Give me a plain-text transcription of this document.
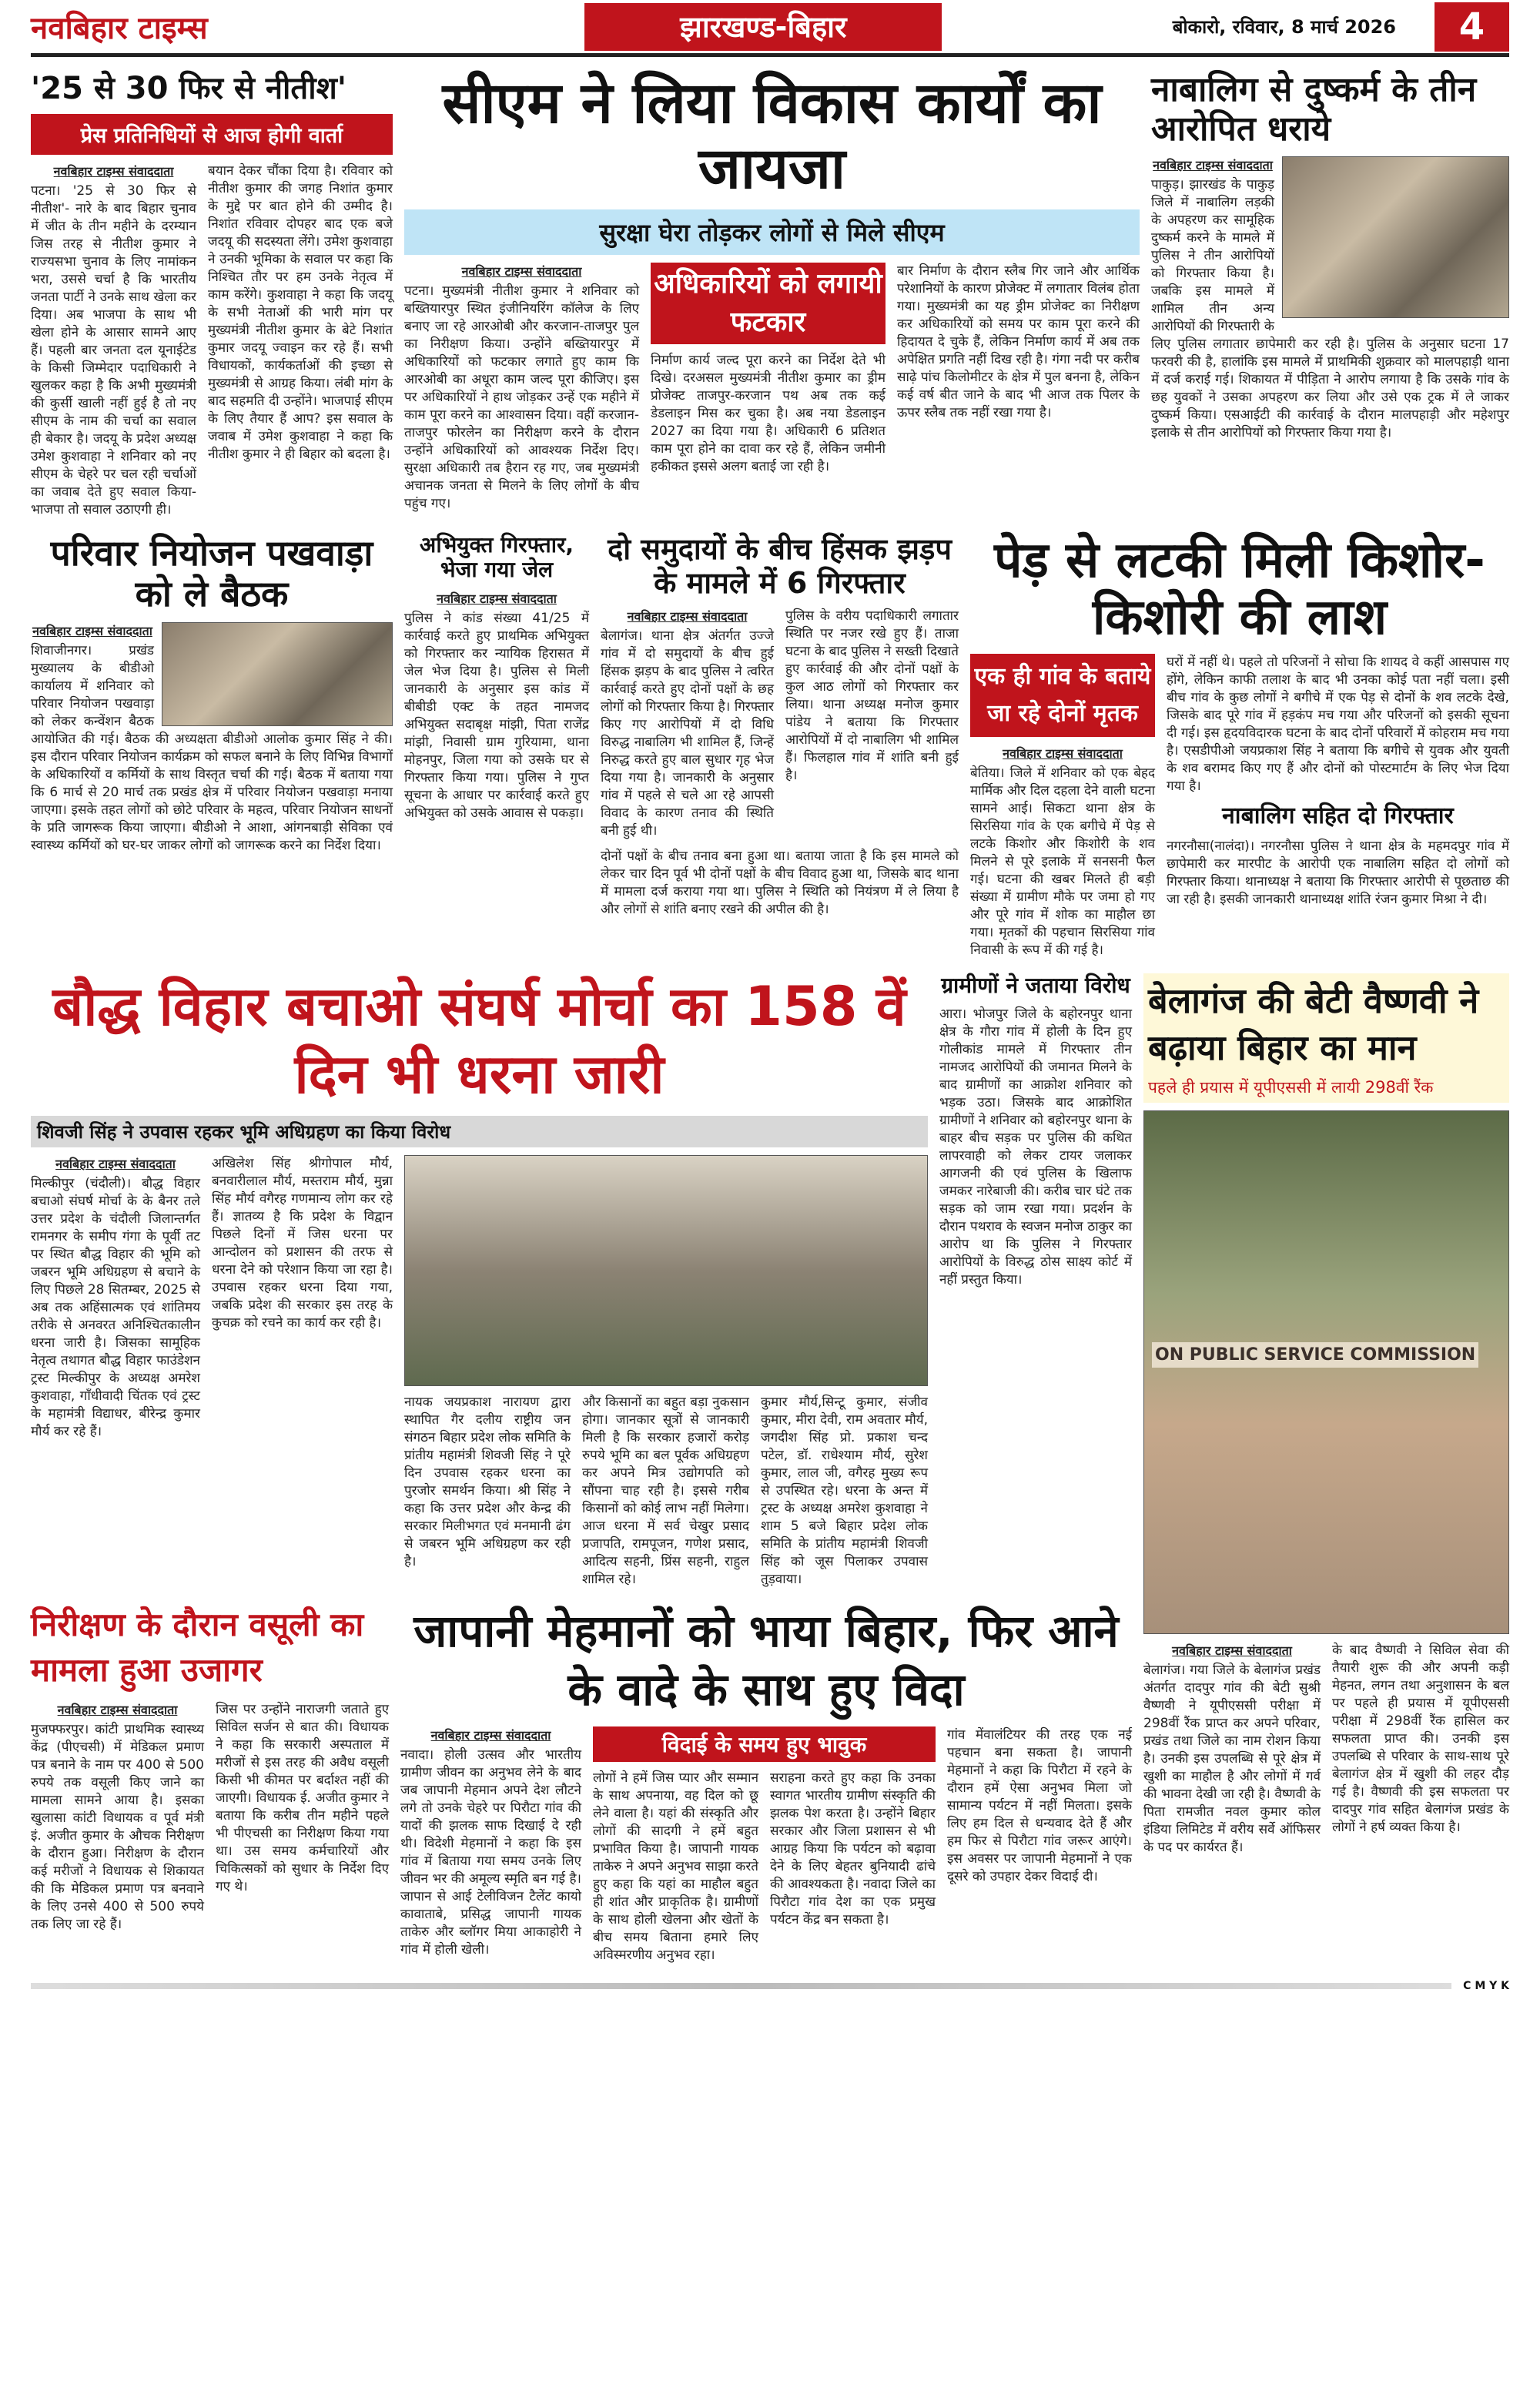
नवबिहार टाइम्स	झारखण्ड-बिहार	बोकारो, रविवार, 8 मार्च 2026	4
'25 से 30 फिर से नीतीश'
प्रेस प्रतिनिधियों से आज होगी वार्ता
नवबिहार टाइम्स संवाददाता
पटना। '25 से 30 फिर से नीतीश'- नारे के बाद बिहार चुनाव में जीत के तीन महीने के दरम्यान जिस तरह से नीतीश कुमार ने राज्यसभा चुनाव के लिए नामांकन भरा, उससे चर्चा है कि भारतीय जनता पार्टी ने उनके साथ खेला कर दिया। अब भाजपा के साथ भी खेला होने के आसार सामने आए हैं। पहली बार जनता दल यूनाईटेड के किसी जिम्मेदार पदाधिकारी ने खुलकर कहा है कि अभी मुख्यमंत्री की कुर्सी खाली नहीं हुई है तो नए सीएम के नाम की चर्चा का सवाल ही बेकार है। जदयू के प्रदेश अध्यक्ष उमेश कुशवाहा ने शनिवार को नए सीएम के चेहरे पर चल रही चर्चाओं का जवाब देते हुए सवाल किया- भाजपा तो सवाल उठाएगी ही।
बयान देकर चौंका दिया है। रविवार को नीतीश कुमार की जगह निशांत कुमार के मुद्दे पर बात होने की उम्मीद है। निशांत रविवार दोपहर बाद एक बजे जदयू की सदस्यता लेंगे। उमेश कुशवाहा ने उनकी भूमिका के सवाल पर कहा कि निश्चित तौर पर हम उनके नेतृत्व में काम करेंगे। कुशवाहा ने कहा कि जदयू के सभी नेताओं की भारी मांग पर मुख्यमंत्री नीतीश कुमार के बेटे निशांत कुमार जदयू ज्वाइन कर रहे हैं। सभी विधायकों, कार्यकर्ताओं की इच्छा से मुख्यमंत्री से आग्रह किया। लंबी मांग के बाद सहमति दी उन्होंने। भाजपाई सीएम के लिए तैयार हैं आप? इस सवाल के जवाब में उमेश कुशवाहा ने कहा कि नीतीश कुमार ने ही बिहार को बदला है।
सीएम ने लिया विकास कार्यों का जायजा
सुरक्षा घेरा तोड़कर लोगों से मिले सीएम
नवबिहार टाइम्स संवाददाता
पटना। मुख्यमंत्री नीतीश कुमार ने शनिवार को बख्तियारपुर स्थित इंजीनियरिंग कॉलेज के लिए बनाए जा रहे आरओबी और करजान-ताजपुर पुल का निरीक्षण किया। उन्होंने बख्तियारपुर में अधिकारियों को फटकार लगाते हुए काम कि आरओबी का अधूरा काम जल्द पूरा कीजिए। इस पर अधिकारियों ने हाथ जोड़कर उन्हें एक महीने में काम पूरा करने का आश्वासन दिया। वहीं करजान-ताजपुर फोरलेन का निरीक्षण करने के दौरान उन्होंने अधिकारियों को आवश्यक निर्देश दिए। सुरक्षा अधिकारी तब हैरान रह गए, जब मुख्यमंत्री अचानक जनता से मिलने के लिए लोगों के बीच पहुंच गए।
अधिकारियों को लगायी फटकार
निर्माण कार्य जल्द पूरा करने का निर्देश देते भी दिखे। दरअसल मुख्यमंत्री नीतीश कुमार का ड्रीम प्रोजेक्ट ताजपुर-करजान पथ अब तक कई डेडलाइन मिस कर चुका है। अब नया डेडलाइन 2027 का दिया गया है। अधिकारी 6 प्रतिशत काम पूरा होने का दावा कर रहे हैं, लेकिन जमीनी हकीकत इससे अलग बताई जा रही है।
बार निर्माण के दौरान स्लैब गिर जाने और आर्थिक परेशानियों के कारण प्रोजेक्ट में लगातार विलंब होता गया। मुख्यमंत्री का यह ड्रीम प्रोजेक्ट का निरीक्षण कर अधिकारियों को समय पर काम पूरा करने की हिदायत दे चुके हैं, लेकिन निर्माण कार्य में अब तक अपेक्षित प्रगति नहीं दिख रही है। गंगा नदी पर करीब साढ़े पांच किलोमीटर के क्षेत्र में पुल बनना है, लेकिन कई वर्ष बीत जाने के बाद भी आज तक पिलर के ऊपर स्लैब तक नहीं रखा गया है।
नाबालिग से दुष्कर्म के तीन आरोपित धराये
नवबिहार टाइम्स संवाददाता
पाकुड़। झारखंड के पाकुड़ जिले में नाबालिग लड़की के अपहरण कर सामूहिक दुष्कर्म करने के मामले में पुलिस ने तीन आरोपियों को गिरफ्तार किया है। जबकि इस मामले में शामिल तीन अन्य आरोपियों की गिरफ्तारी के लिए पुलिस लगातार छापेमारी कर रही है। पुलिस के अनुसार घटना 17 फरवरी की है, हालांकि इस मामले में प्राथमिकी शुक्रवार को मालपहाड़ी थाना में दर्ज कराई गई। शिकायत में पीड़िता ने आरोप लगाया है कि उसके गांव के छह युवकों ने उसका अपहरण कर लिया और उसे एक ट्रक में ले जाकर दुष्कर्म किया। एसआईटी की कार्रवाई के दौरान मालपहाड़ी और महेशपुर इलाके से तीन आरोपियों को गिरफ्तार किया गया है।
परिवार नियोजन पखवाड़ा को ले बैठक
नवबिहार टाइम्स संवाददाता
शिवाजीनगर। प्रखंड मुख्यालय के बीडीओ कार्यालय में शनिवार को परिवार नियोजन पखवाड़ा को लेकर कन्वेंशन बैठक आयोजित की गई। बैठक की अध्यक्षता बीडीओ आलोक कुमार सिंह ने की। इस दौरान परिवार नियोजन कार्यक्रम को सफल बनाने के लिए विभिन्न विभागों के अधिकारियों व कर्मियों के साथ विस्तृत चर्चा की गई। बैठक में बताया गया कि 6 मार्च से 20 मार्च तक प्रखंड क्षेत्र में परिवार नियोजन पखवाड़ा मनाया जाएगा। इसके तहत लोगों को छोटे परिवार के महत्व, परिवार नियोजन साधनों के प्रति जागरूक किया जाएगा। बीडीओ ने आशा, आंगनबाड़ी सेविका एवं स्वास्थ्य कर्मियों को घर-घर जाकर लोगों को जागरूक करने का निर्देश दिया।
अभियुक्त गिरफ्तार, भेजा गया जेल
नवबिहार टाइम्स संवाददाता
पुलिस ने कांड संख्या 41/25 में कार्रवाई करते हुए प्राथमिक अभियुक्त को गिरफ्तार कर न्यायिक हिरासत में जेल भेज दिया है। पुलिस से मिली जानकारी के अनुसार इस कांड में बीबीडी एक्ट के तहत नामजद अभियुक्त सदाबृक्ष मांझी, पिता राजेंद्र मांझी, निवासी ग्राम गुरियामा, थाना मोहनपुर, जिला गया को उसके घर से गिरफ्तार किया गया। पुलिस ने गुप्त सूचना के आधार पर कार्रवाई करते हुए अभियुक्त को उसके आवास से पकड़ा।
दो समुदायों के बीच हिंसक झड़प के मामले में 6 गिरफ्तार
नवबिहार टाइम्स संवाददाता
बेलागंज। थाना क्षेत्र अंतर्गत उज्जे गांव में दो समुदायों के बीच हुई हिंसक झड़प के बाद पुलिस ने त्वरित कार्रवाई करते हुए दोनों पक्षों के छह लोगों को गिरफ्तार किया है। गिरफ्तार किए गए आरोपियों में दो विधि विरुद्ध नाबालिग भी शामिल हैं, जिन्हें निरुद्ध करते हुए बाल सुधार गृह भेज दिया गया है। जानकारी के अनुसार गांव में पहले से चले आ रहे आपसी विवाद के कारण तनाव की स्थिति बनी हुई थी।
पुलिस के वरीय पदाधिकारी लगातार स्थिति पर नजर रखे हुए हैं। ताजा घटना के बाद पुलिस ने सख्ती दिखाते हुए कार्रवाई की और दोनों पक्षों के कुल आठ लोगों को गिरफ्तार कर लिया। थाना अध्यक्ष मनोज कुमार पांडेय ने बताया कि गिरफ्तार आरोपियों में दो नाबालिग भी शामिल हैं। फिलहाल गांव में शांति बनी हुई है।
दोनों पक्षों के बीच तनाव बना हुआ था। बताया जाता है कि इस मामले को लेकर चार दिन पूर्व भी दोनों पक्षों के बीच विवाद हुआ था, जिसके बाद थाना में मामला दर्ज कराया गया था। पुलिस ने स्थिति को नियंत्रण में ले लिया है और लोगों से शांति बनाए रखने की अपील की है।
पेड़ से लटकी मिली किशोर-किशोरी की लाश
एक ही गांव के बताये जा रहे दोनों मृतक
नवबिहार टाइम्स संवाददाता
बेतिया। जिले में शनिवार को एक बेहद मार्मिक और दिल दहला देने वाली घटना सामने आई। सिकटा थाना क्षेत्र के सिरसिया गांव के एक बगीचे में पेड़ से लटके किशोर और किशोरी के शव मिलने से पूरे इलाके में सनसनी फैल गई। घटना की खबर मिलते ही बड़ी संख्या में ग्रामीण मौके पर जमा हो गए और पूरे गांव में शोक का माहौल छा गया। मृतकों की पहचान सिरसिया गांव निवासी के रूप में की गई है।
घरों में नहीं थे। पहले तो परिजनों ने सोचा कि शायद वे कहीं आसपास गए होंगे, लेकिन काफी तलाश के बाद भी उनका कोई पता नहीं चला। इसी बीच गांव के कुछ लोगों ने बगीचे में एक पेड़ से दोनों के शव लटके देखे, जिसके बाद पूरे गांव में हड़कंप मच गया और परिजनों को इसकी सूचना दी गई। इस हृदयविदारक घटना के बाद दोनों परिवारों में कोहराम मच गया है। एसडीपीओ जयप्रकाश सिंह ने बताया कि बगीचे से युवक और युवती के शव बरामद किए गए हैं और दोनों को पोस्टमार्टम के लिए भेज दिया गया है।
नाबालिग सहित दो गिरफ्तार
नगरनौसा(नालंदा)। नगरनौसा पुलिस ने थाना क्षेत्र के महमदपुर गांव में छापेमारी कर मारपीट के आरोपी एक नाबालिग सहित दो लोगों को गिरफ्तार किया। थानाध्यक्ष ने बताया कि गिरफ्तार आरोपी से पूछताछ की जा रही है। इसकी जानकारी थानाध्यक्ष शांति रंजन कुमार मिश्रा ने दी।
बौद्ध विहार बचाओ संघर्ष मोर्चा का 158 वें दिन भी धरना जारी
शिवजी सिंह ने उपवास रहकर भूमि अधिग्रहण का किया विरोध
नवबिहार टाइम्स संवाददाता
मिल्कीपुर (चंदौली)। बौद्ध विहार बचाओ संघर्ष मोर्चा के के बैनर तले उत्तर प्रदेश के चंदौली जिलान्तर्गत रामनगर के समीप गंगा के पूर्वी तट पर स्थित बौद्ध विहार की भूमि को जबरन भूमि अधिग्रहण से बचाने के लिए पिछले 28 सितम्बर, 2025 से अब तक अहिंसात्मक एवं शांतिमय तरीके से अनवरत अनिश्चितकालीन धरना जारी है। जिसका सामूहिक नेतृत्व तथागत बौद्ध विहार फाउंडेशन ट्रस्ट मिल्कीपुर के अध्यक्ष अमरेश कुशवाहा, गाँधीवादी चिंतक एवं ट्रस्ट के महामंत्री विद्याधर, बीरेन्द्र कुमार मौर्य कर रहे हैं।
अखिलेश सिंह श्रीगोपाल मौर्य, बनवारीलाल मौर्य, मस्तराम मौर्य, मुन्ना सिंह मौर्य वगैरह गणमान्य लोग कर रहे हैं। ज्ञातव्य है कि प्रदेश के विद्वान पिछले दिनों में जिस धरना पर आन्दोलन को प्रशासन की तरफ से धरना देने को परेशान किया जा रहा है। उपवास रहकर धरना दिया गया, जबकि प्रदेश की सरकार इस तरह के कुचक्र को रचने का कार्य कर रही है।
नायक जयप्रकाश नारायण द्वारा स्थापित गैर दलीय राष्ट्रीय जन संगठन बिहार प्रदेश लोक समिति के प्रांतीय महामंत्री शिवजी सिंह ने पूरे दिन उपवास रहकर धरना का पुरजोर समर्थन किया। श्री सिंह ने कहा कि उत्तर प्रदेश और केन्द्र की सरकार मिलीभगत एवं मनमानी ढंग से जबरन भूमि अधिग्रहण कर रही है।
और किसानों का बहुत बड़ा नुकसान होगा। जानकार सूत्रों से जानकारी मिली है कि सरकार हजारों करोड़ रुपये भूमि का बल पूर्वक अधिग्रहण कर अपने मित्र उद्योगपति को सौंपना चाह रही है। इससे गरीब किसानों को कोई लाभ नहीं मिलेगा। आज धरना में सर्व चेखुर प्रसाद प्रजापति, रामपूजन, गणेश प्रसाद, आदित्य सहनी, प्रिंस सहनी, राहुल शामिल रहे।
कुमार मौर्य,सिन्टू कुमार, संजीव कुमार, मीरा देवी, राम अवतार मौर्य, जगदीश सिंह प्रो. प्रकाश चन्द पटेल, डॉ. राधेश्याम मौर्य, सुरेश कुमार, लाल जी, वगैरह मुख्य रूप से उपस्थित रहे। धरना के अन्त में ट्रस्ट के अध्यक्ष अमरेश कुशवाहा ने शाम 5 बजे बिहार प्रदेश लोक समिति के प्रांतीय महामंत्री शिवजी सिंह को जूस पिलाकर उपवास तुड़वाया।
ग्रामीणों ने जताया विरोध
आरा। भोजपुर जिले के बहोरनपुर थाना क्षेत्र के गौरा गांव में होली के दिन हुए गोलीकांड मामले में गिरफ्तार तीन नामजद आरोपियों की जमानत मिलने के बाद ग्रामीणों का आक्रोश शनिवार को भड़क उठा। जिसके बाद आक्रोशित ग्रामीणों ने शनिवार को बहोरनपुर थाना के बाहर बीच सड़क पर पुलिस की कथित लापरवाही को लेकर टायर जलाकर आगजनी की एवं पुलिस के खिलाफ जमकर नारेबाजी की। करीब चार घंटे तक सड़क को जाम रखा गया। प्रदर्शन के दौरान पथराव के स्वजन मनोज ठाकुर का आरोप था कि पुलिस ने गिरफ्तार आरोपियों के विरुद्ध ठोस साक्ष्य कोर्ट में नहीं प्रस्तुत किया।
निरीक्षण के दौरान वसूली का मामला हुआ उजागर
नवबिहार टाइम्स संवाददाता
मुजफ्फरपुर। कांटी प्राथमिक स्वास्थ्य केंद्र (पीएचसी) में मेडिकल प्रमाण पत्र बनाने के नाम पर 400 से 500 रुपये तक वसूली किए जाने का मामला सामने आया है। इसका खुलासा कांटी विधायक व पूर्व मंत्री इं. अजीत कुमार के औचक निरीक्षण के दौरान हुआ। निरीक्षण के दौरान कई मरीजों ने विधायक से शिकायत की कि मेडिकल प्रमाण पत्र बनवाने के लिए उनसे 400 से 500 रुपये तक लिए जा रहे हैं।
जिस पर उन्होंने नाराजगी जताते हुए सिविल सर्जन से बात की। विधायक ने कहा कि सरकारी अस्पताल में मरीजों से इस तरह की अवैध वसूली किसी भी कीमत पर बर्दाश्त नहीं की जाएगी। विधायक ई. अजीत कुमार ने बताया कि करीब तीन महीने पहले भी पीएचसी का निरीक्षण किया गया था। उस समय कर्मचारियों और चिकित्सकों को सुधार के निर्देश दिए गए थे।
जापानी मेहमानों को भाया बिहार, फिर आने के वादे के साथ हुए विदा
नवबिहार टाइम्स संवाददाता
नवादा। होली उत्सव और भारतीय ग्रामीण जीवन का अनुभव लेने के बाद जब जापानी मेहमान अपने देश लौटने लगे तो उनके चेहरे पर पिरौटा गांव की यादों की झलक साफ दिखाई दे रही थी। विदेशी मेहमानों ने कहा कि इस गांव में बिताया गया समय उनके लिए जीवन भर की अमूल्य स्मृति बन गई है। जापान से आई टेलीविजन टैलेंट कायो कावाताबे, प्रसिद्ध जापानी गायक ताकेरु और ब्लॉगर मिया आकाहोरी ने गांव में होली खेली।
विदाई के समय हुए भावुक
लोगों ने हमें जिस प्यार और सम्मान के साथ अपनाया, वह दिल को छू लेने वाला है। यहां की संस्कृति और लोगों की सादगी ने हमें बहुत प्रभावित किया है। जापानी गायक ताकेरु ने अपने अनुभव साझा करते हुए कहा कि यहां का माहौल बहुत ही शांत और प्राकृतिक है। ग्रामीणों के साथ होली खेलना और खेतों के बीच समय बिताना हमारे लिए अविस्मरणीय अनुभव रहा।
सराहना करते हुए कहा कि उनका स्वागत भारतीय ग्रामीण संस्कृति की झलक पेश करता है। उन्होंने बिहार सरकार और जिला प्रशासन से भी आग्रह किया कि पर्यटन को बढ़ावा देने के लिए बेहतर बुनियादी ढांचे की आवश्यकता है। नवादा जिले का पिरौटा गांव देश का एक प्रमुख पर्यटन केंद्र बन सकता है।
गांव मेंवालंटियर की तरह एक नई पहचान बना सकता है। जापानी मेहमानों ने कहा कि पिरौटा में रहने के दौरान हमें ऐसा अनुभव मिला जो सामान्य पर्यटन में नहीं मिलता। इसके लिए हम दिल से धन्यवाद देते हैं और हम फिर से पिरौटा गांव जरूर आएंगे। इस अवसर पर जापानी मेहमानों ने एक दूसरे को उपहार देकर विदाई दी।
बेलागंज की बेटी वैष्णवी ने बढ़ाया बिहार का मान
पहले ही प्रयास में यूपीएससी में लायी 298वीं रैंक
ON PUBLIC SERVICE COMMISSION
नवबिहार टाइम्स संवाददाता
बेलागंज। गया जिले के बेलागंज प्रखंड अंतर्गत दादपुर गांव की बेटी सुश्री वैष्णवी ने यूपीएससी परीक्षा में 298वीं रैंक प्राप्त कर अपने परिवार, प्रखंड तथा जिले का नाम रोशन किया है। उनकी इस उपलब्धि से पूरे क्षेत्र में खुशी का माहौल है और लोगों में गर्व की भावना देखी जा रही है। वैष्णवी के पिता रामजीत नवल कुमार कोल इंडिया लिमिटेड में वरीय सर्वे ऑफिसर के पद पर कार्यरत हैं।
के बाद वैष्णवी ने सिविल सेवा की तैयारी शुरू की और अपनी कड़ी मेहनत, लगन तथा अनुशासन के बल पर पहले ही प्रयास में यूपीएससी परीक्षा में 298वीं रैंक हासिल कर सफलता प्राप्त की। उनकी इस उपलब्धि से परिवार के साथ-साथ पूरे बेलागंज क्षेत्र में खुशी की लहर दौड़ गई है। वैष्णवी की इस सफलता पर दादपुर गांव सहित बेलागंज प्रखंड के लोगों ने हर्ष व्यक्त किया है।
C M Y K
